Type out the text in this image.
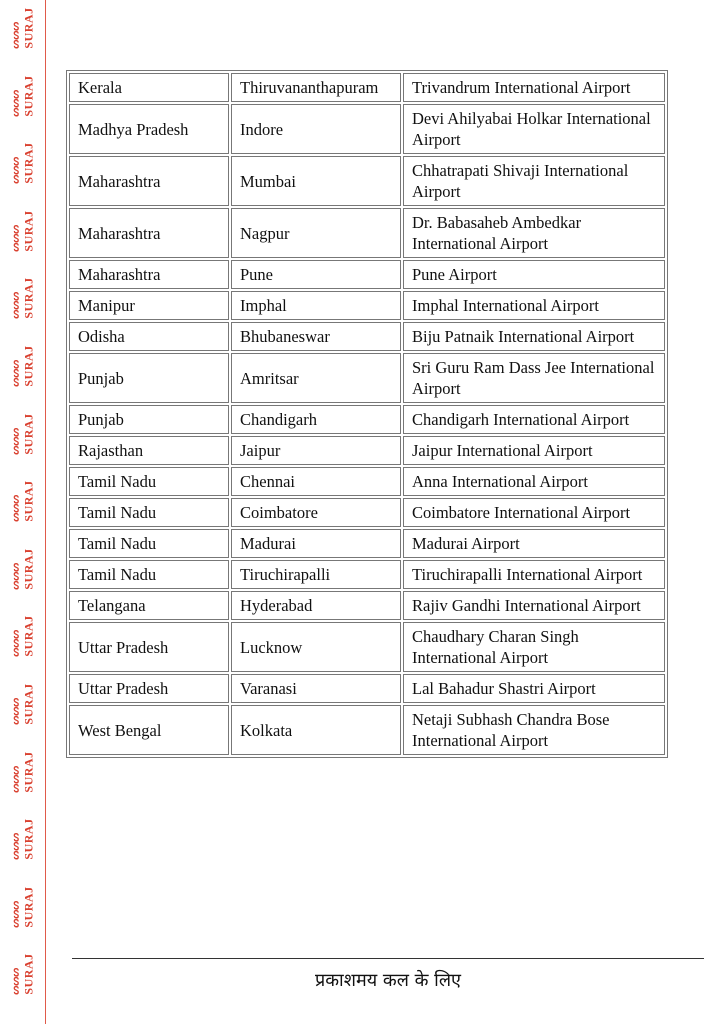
ᔕᔕᔕ SURAJ
ᔕᔕᔕ SURAJ
ᔕᔕᔕ SURAJ
ᔕᔕᔕ SURAJ
ᔕᔕᔕ SURAJ
ᔕᔕᔕ SURAJ
ᔕᔕᔕ SURAJ
ᔕᔕᔕ SURAJ
ᔕᔕᔕ SURAJ
ᔕᔕᔕ SURAJ
ᔕᔕᔕ SURAJ
ᔕᔕᔕ SURAJ
ᔕᔕᔕ SURAJ
ᔕᔕᔕ SURAJ
ᔕᔕᔕ SURAJ
Kerala	Thiruvananthapuram	Trivandrum International Airport
Madhya Pradesh	Indore	Devi Ahilyabai Holkar International Airport
Maharashtra	Mumbai	Chhatrapati Shivaji International Airport
Maharashtra	Nagpur	Dr. Babasaheb Ambedkar International Airport
Maharashtra	Pune	Pune Airport
Manipur	Imphal	Imphal International Airport
Odisha	Bhubaneswar	Biju Patnaik International Airport
Punjab	Amritsar	Sri Guru Ram Dass Jee International Airport
Punjab	Chandigarh	Chandigarh International Airport
Rajasthan	Jaipur	Jaipur International Airport
Tamil Nadu	Chennai	Anna International Airport
Tamil Nadu	Coimbatore	Coimbatore International Airport
Tamil Nadu	Madurai	Madurai Airport
Tamil Nadu	Tiruchirapalli	Tiruchirapalli International Airport
Telangana	Hyderabad	Rajiv Gandhi International Airport
Uttar Pradesh	Lucknow	Chaudhary Charan Singh International Airport
Uttar Pradesh	Varanasi	Lal Bahadur Shastri Airport
West Bengal	Kolkata	Netaji Subhash Chandra Bose International Airport
प्रकाशमय कल के लिए
